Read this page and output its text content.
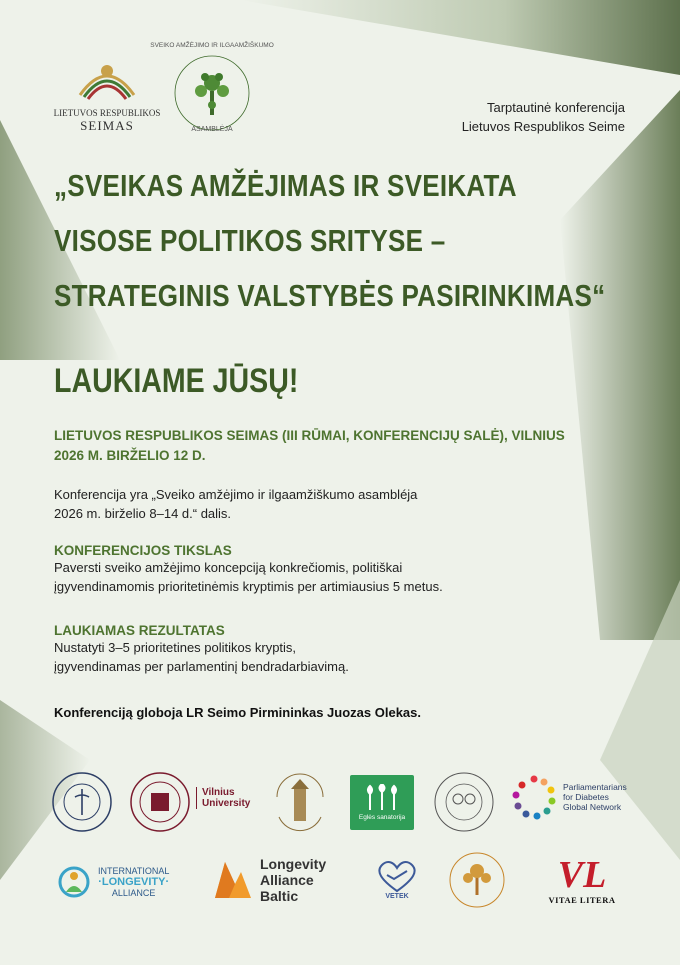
LIETUVOS RESPUBLIKOS
SEIMAS
SVEIKO AMŽĖJIMO IR ILGAAMŽIŠKUMO
ASAMBLĖJA
Tarptautinė konferencija
Lietuvos Respublikos Seime
„SVEIKAS AMŽĖJIMAS IR SVEIKATA
VISOSE POLITIKOS SRITYSE –
STRATEGINIS VALSTYBĖS PASIRINKIMAS“
LAUKIAME JŪSŲ!
LIETUVOS RESPUBLIKOS SEIMAS (III RŪMAI, KONFERENCIJŲ SALĖ), VILNIUS
2026 M. BIRŽELIO 12 D.
Konferencija yra „Sveiko amžėjimo ir ilgaamžiškumo asambléja
2026 m. birželio 8–14 d.“ dalis.
KONFERENCIJOS TIKSLAS
Paversti sveiko amžėjimo koncepciją konkrečiomis, politiškai
įgyvendinamomis prioritetinėmis kryptimis per artimiausius 5 metus.
LAUKIAMAS REZULTATAS
Nustatyti 3–5 prioritetines politikos kryptis,
įgyvendinamas per parlamentinį bendradarbiavimą.
Konferenciją globoja LR Seimo Pirmininkas Juozas Olekas.
Vilnius
University
Eglės sanatorija
Parliamentarians
for Diabetes
Global Network
INTERNATIONAL
·LONGEVITY·
ALLIANCE
Longevity
Alliance
Baltic	VETEK
VL
VITAE LITERA
